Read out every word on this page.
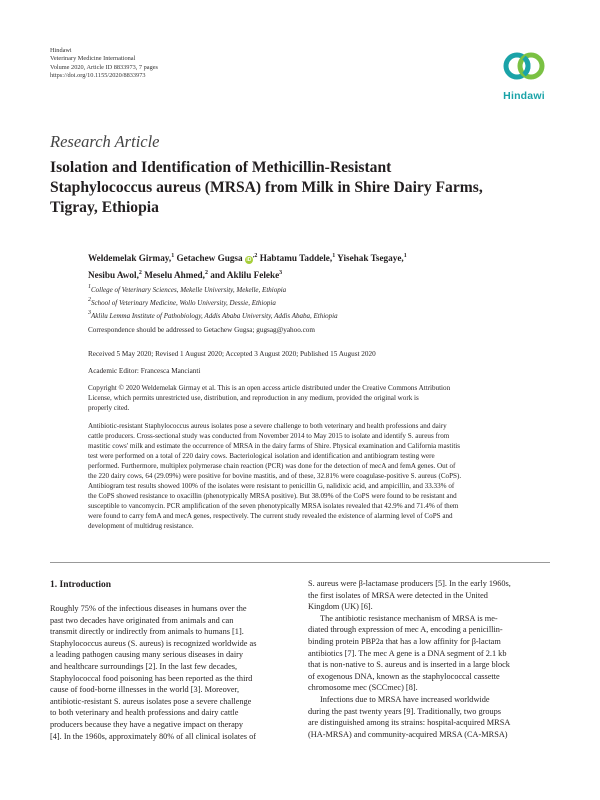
Hindawi
Veterinary Medicine International
Volume 2020, Article ID 8833973, 7 pages
https://doi.org/10.1155/2020/8833973
Hindawi
Research Article
Isolation and Identification of Methicillin-Resistant
Staphylococcus aureus (MRSA) from Milk in Shire Dairy Farms,
Tigray, Ethiopia
Weldemelak Girmay,$^1$ Getachew Gugsa $iD^{,2}$ Habtamu Taddele,$^1$ Yisehak Tsegaye,$^1$
Nesibu Awol,$^2$ Meselu Ahmed,$^2$ and Aklilu Feleke$^3$
$^1$College of Veterinary Sciences, Mekelle University, Mekelle, Ethiopia
$^2$School of Veterinary Medicine, Wollo University, Dessie, Ethiopia
$^3$Aklilu Lemma Institute of Pathobiology, Addis Ababa University, Addis Ababa, Ethiopia
Correspondence should be addressed to Getachew Gugsa; gugsag@yahoo.com
Received 5 May 2020; Revised 1 August 2020; Accepted 3 August 2020; Published 15 August 2020
Academic Editor: Francesca Mancianti
Copyright © 2020 Weldemelak Girmay et al. This is an open access article distributed under the Creative Commons Attribution
License, which permits unrestricted use, distribution, and reproduction in any medium, provided the original work is
properly cited.
Antibiotic-resistant Staphylococcus aureus isolates pose a severe challenge to both veterinary and health professions and dairy
cattle producers. Cross-sectional study was conducted from November 2014 to May 2015 to isolate and identify S. aureus from
mastitic cows' milk and estimate the occurrence of MRSA in the dairy farms of Shire. Physical examination and California mastitis
test were performed on a total of 220 dairy cows. Bacteriological isolation and identification and antibiogram testing were
performed. Furthermore, multiplex polymerase chain reaction (PCR) was done for the detection of mecA and femA genes. Out of
the 220 dairy cows, 64 (29.09%) were positive for bovine mastitis, and of these, 32.81% were coagulase-positive S. aureus (CoPS).
Antibiogram test results showed 100% of the isolates were resistant to penicillin G, nalidixic acid, and ampicillin, and 33.33% of
the CoPS showed resistance to oxacillin (phenotypically MRSA positive). But 38.09% of the CoPS were found to be resistant and
susceptible to vancomycin. PCR amplification of the seven phenotypically MRSA isolates revealed that 42.9% and 71.4% of them
were found to carry femA and mecA genes, respectively. The current study revealed the existence of alarming level of CoPS and
development of multidrug resistance.
1. Introduction
Roughly 75% of the infectious diseases in humans over the
past two decades have originated from animals and can
transmit directly or indirectly from animals to humans [1].
Staphylococcus aureus (S. aureus) is recognized worldwide as
a leading pathogen causing many serious diseases in dairy
and healthcare surroundings [2]. In the last few decades,
Staphylococcal food poisoning has been reported as the third
cause of food-borne illnesses in the world [3]. Moreover,
antibiotic-resistant S. aureus isolates pose a severe challenge
to both veterinary and health professions and dairy cattle
producers because they have a negative impact on therapy
[4]. In the 1960s, approximately 80% of all clinical isolates of
S. aureus were β-lactamase producers [5]. In the early 1960s,
the first isolates of MRSA were detected in the United
Kingdom (UK) [6].
The antibiotic resistance mechanism of MRSA is me-
diated through expression of mec A, encoding a penicillin-
binding protein PBP2a that has a low affinity for β-lactam
antibiotics [7]. The mec A gene is a DNA segment of 2.1 kb
that is non-native to S. aureus and is inserted in a large block
of exogenous DNA, known as the staphylococcal cassette
chromosome mec (SCCmec) [8].
Infections due to MRSA have increased worldwide
during the past twenty years [9]. Traditionally, two groups
are distinguished among its strains: hospital-acquired MRSA
(HA-MRSA) and community-acquired MRSA (CA-MRSA)
